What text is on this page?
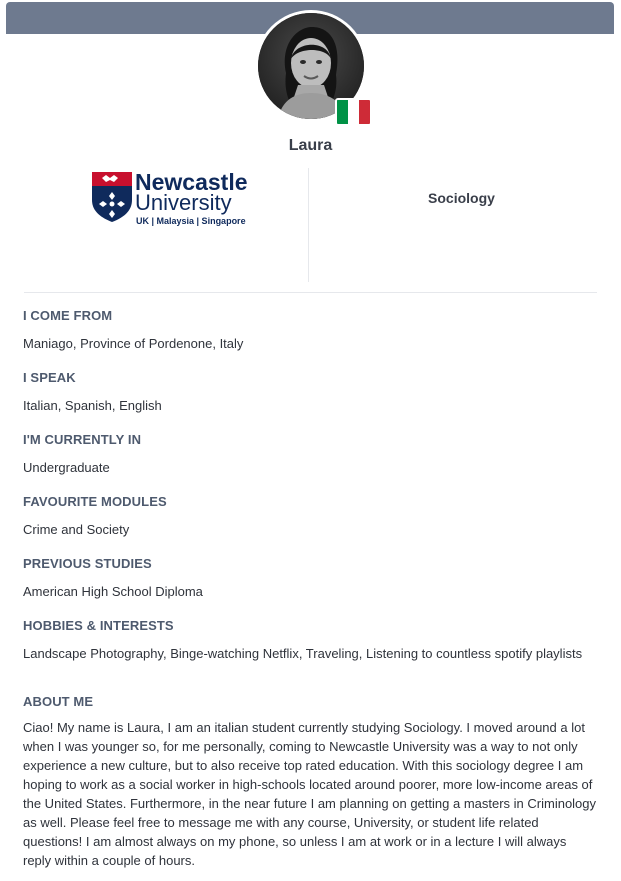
Laura
Newcastle
University
UK | Malaysia | Singapore
Sociology
I COME FROM
Maniago, Province of Pordenone, Italy
I SPEAK
Italian, Spanish, English
I'M CURRENTLY IN
Undergraduate
FAVOURITE MODULES
Crime and Society
PREVIOUS STUDIES
American High School Diploma
HOBBIES & INTERESTS
Landscape Photography, Binge-watching Netflix, Traveling, Listening to countless spotify playlists
ABOUT ME
Ciao! My name is Laura, I am an italian student currently studying Sociology. I moved around a lot when I was younger so, for me personally, coming to Newcastle University was a way to not only experience a new culture, but to also receive top rated education. With this sociology degree I am hoping to work as a social worker in high-schools located around poorer, more low-income areas of the United States. Furthermore, in the near future I am planning on getting a masters in Criminology as well. Please feel free to message me with any course, University, or student life related questions! I am almost always on my phone, so unless I am at work or in a lecture I will always reply within a couple of hours.
